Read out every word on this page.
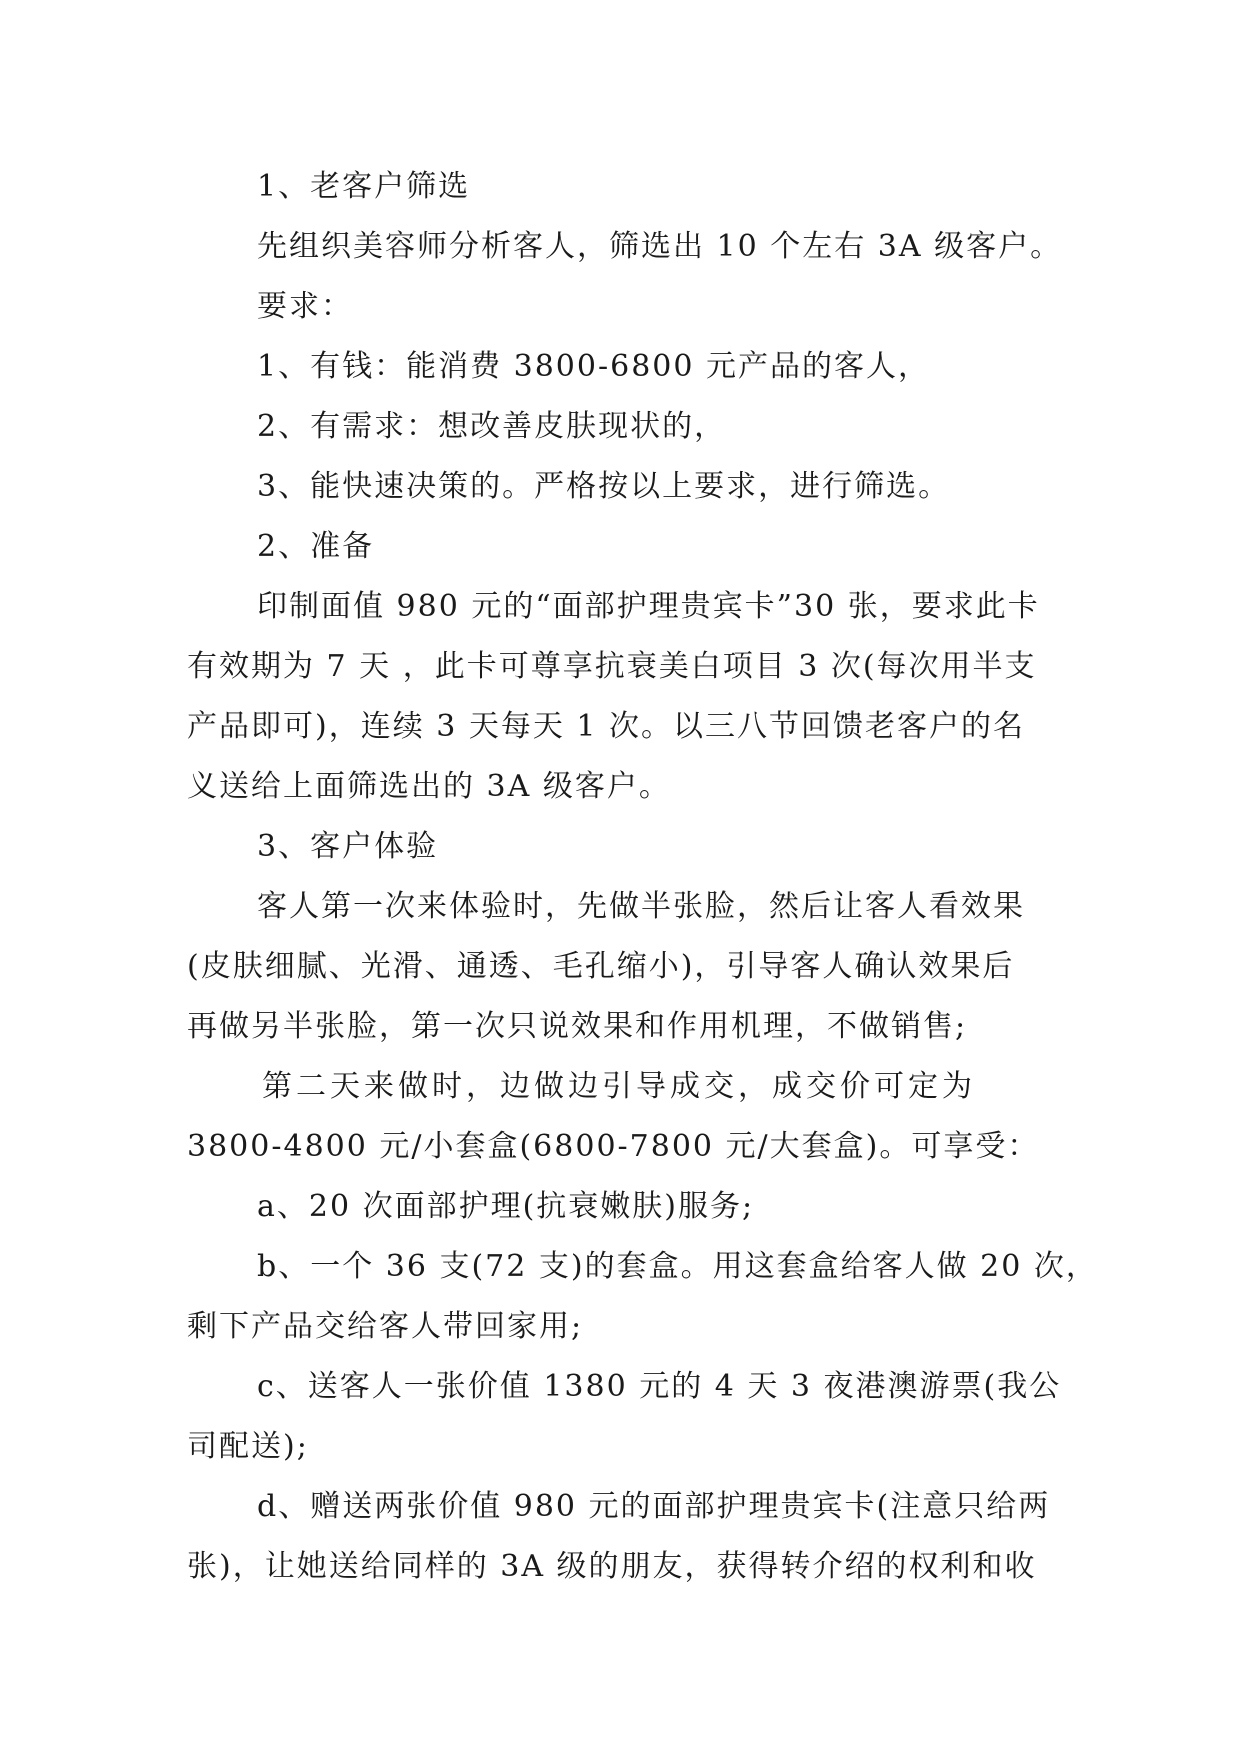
1、老客户筛选
先组织美容师分析客人，筛选出 10 个左右 3A 级客户。
要求：
1、有钱：能消费 3800-6800 元产品的客人，
2、有需求：想改善皮肤现状的，
3、能快速决策的。严格按以上要求，进行筛选。
2、准备
印制面值 980 元的“面部护理贵宾卡”30 张，要求此卡
有效期为 7 天 ，此卡可尊享抗衰美白项目 3 次(每次用半支
产品即可)，连续 3 天每天 1 次。以三八节回馈老客户的名
义送给上面筛选出的 3A 级客户。
3、客户体验
客人第一次来体验时，先做半张脸，然后让客人看效果
(皮肤细腻、光滑、通透、毛孔缩小)，引导客人确认效果后
再做另半张脸，第一次只说效果和作用机理，不做销售;
第二天来做时，边做边引导成交，成交价可定为
3800-4800 元/小套盒(6800-7800 元/大套盒)。可享受：
a、20 次面部护理(抗衰嫩肤)服务;
b、一个 36 支(72 支)的套盒。用这套盒给客人做 20 次，
剩下产品交给客人带回家用;
c、送客人一张价值 1380 元的 4 天 3 夜港澳游票(我公
司配送);
d、赠送两张价值 980 元的面部护理贵宾卡(注意只给两
张)，让她送给同样的 3A 级的朋友，获得转介绍的权利和收
